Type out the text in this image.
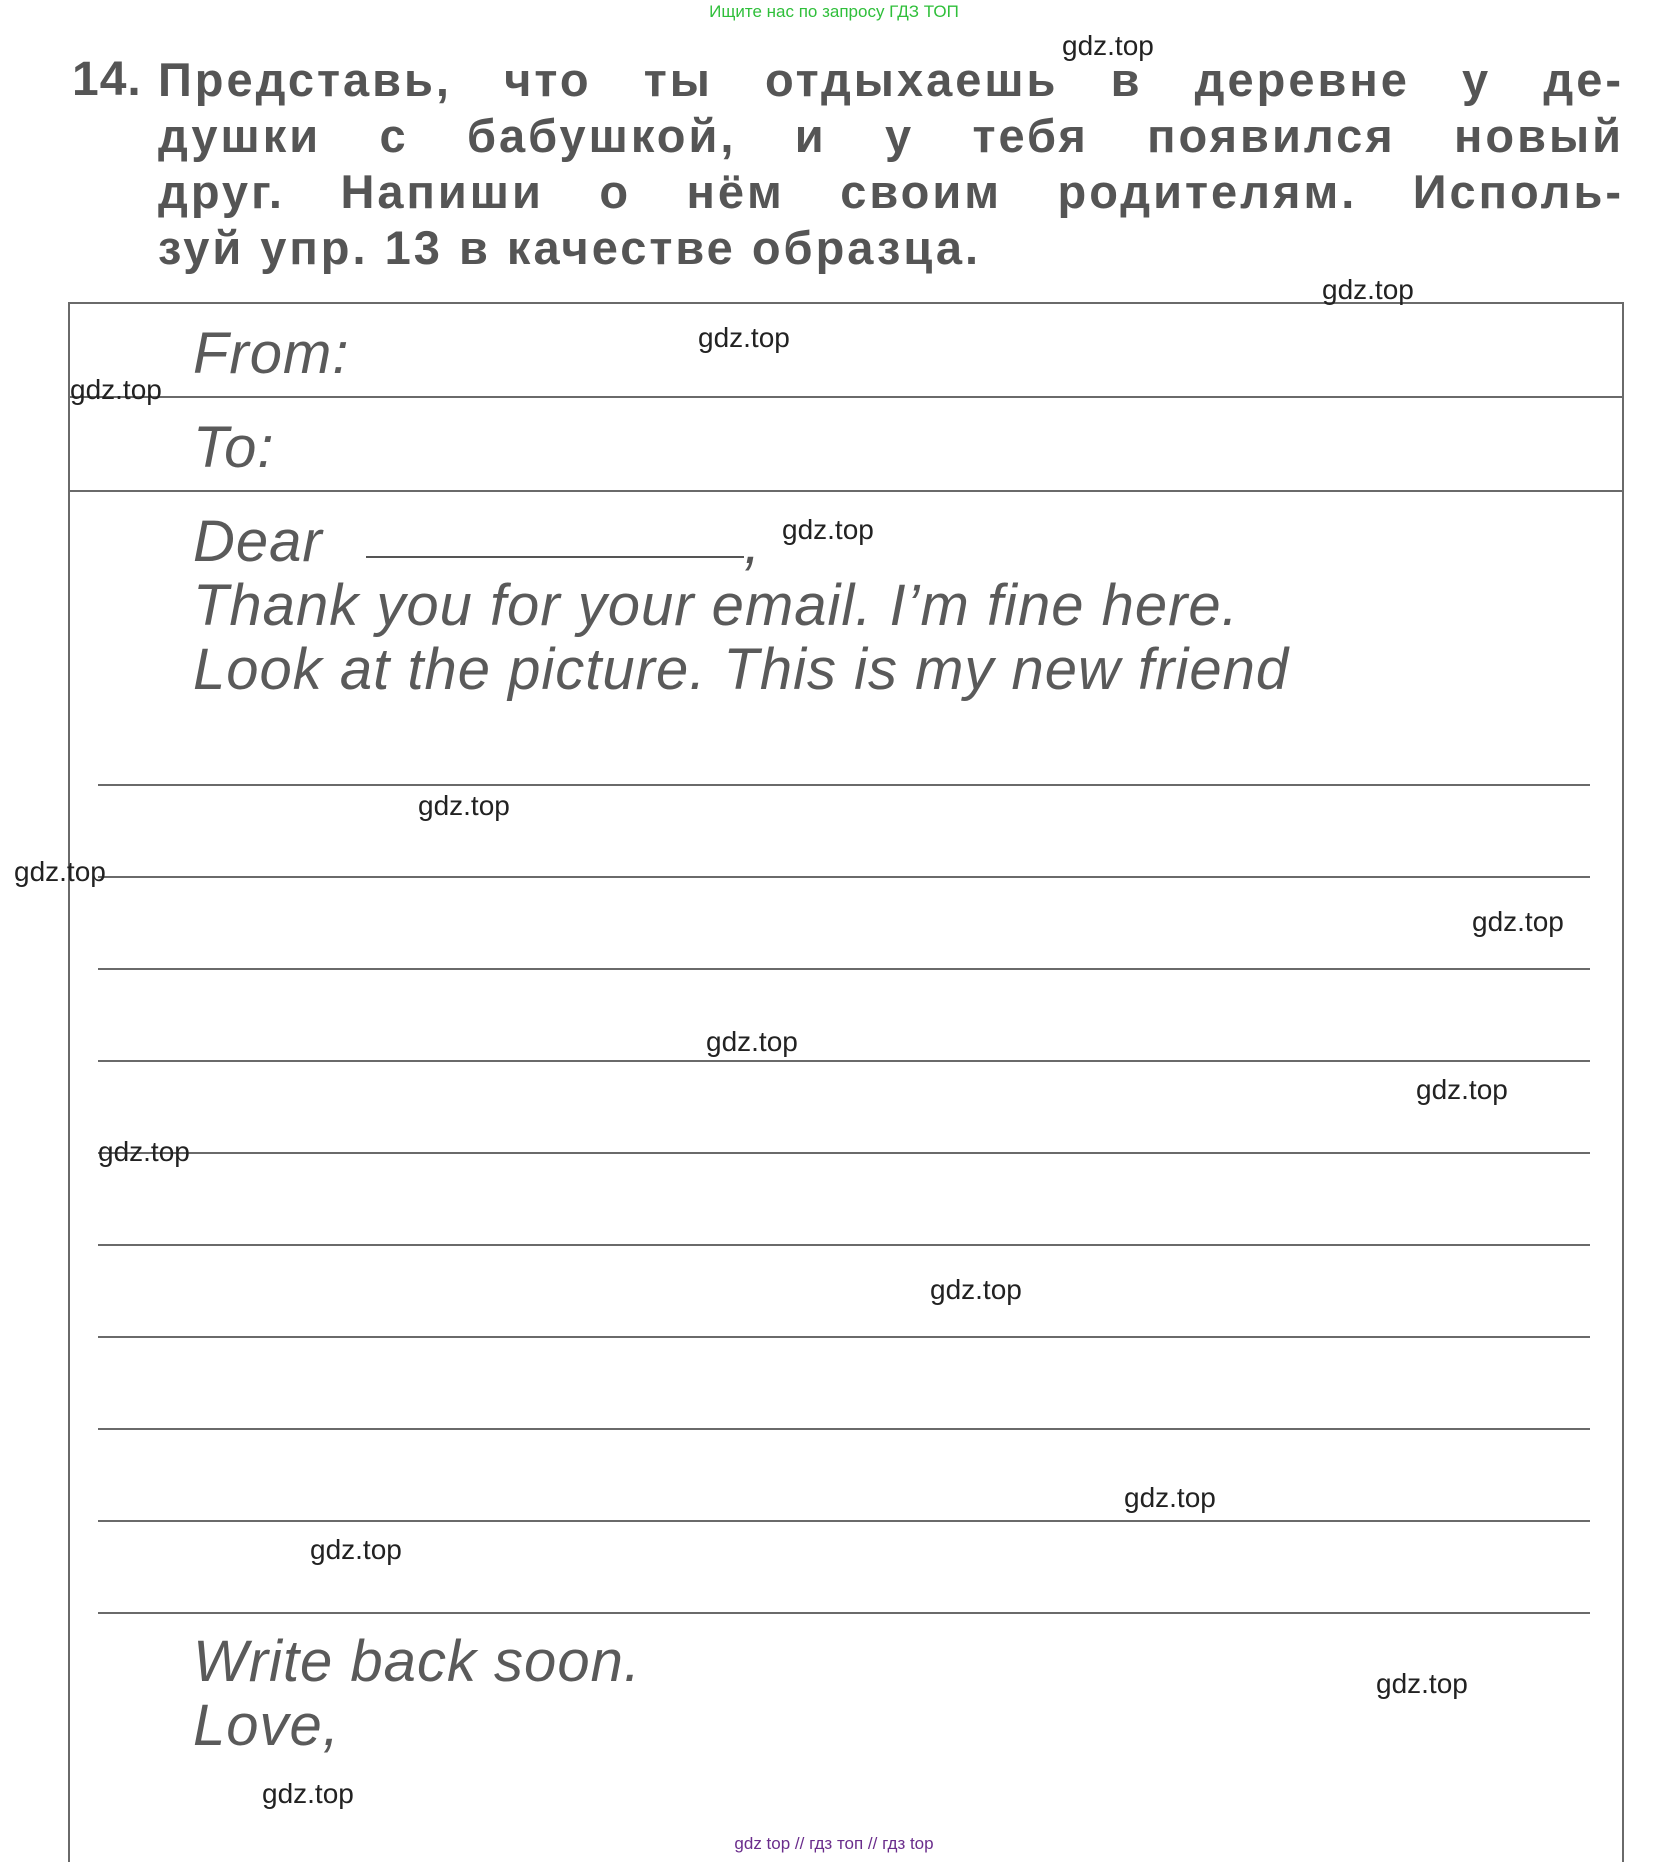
Ищите нас по запросу ГДЗ ТОП
14. Представь, что ты отдыхаешь в деревне у де-
душки с бабушкой, и у тебя появился новый
друг. Напиши о нём своим родителям. Исполь-
зуй упр. 13 в качестве образца.
From:
To:
Dear	,
Thank you for your email. I’m fine here.
Look at the picture. This is my new friend
Write back soon.
Love,
gdz.top
gdz.top
gdz.top
gdz.top
gdz.top
gdz.top
gdz.top
gdz.top
gdz.top
gdz.top
gdz.top
gdz.top
gdz.top
gdz.top
gdz.top
gdz.top
gdz top // гдз топ // гдз top
